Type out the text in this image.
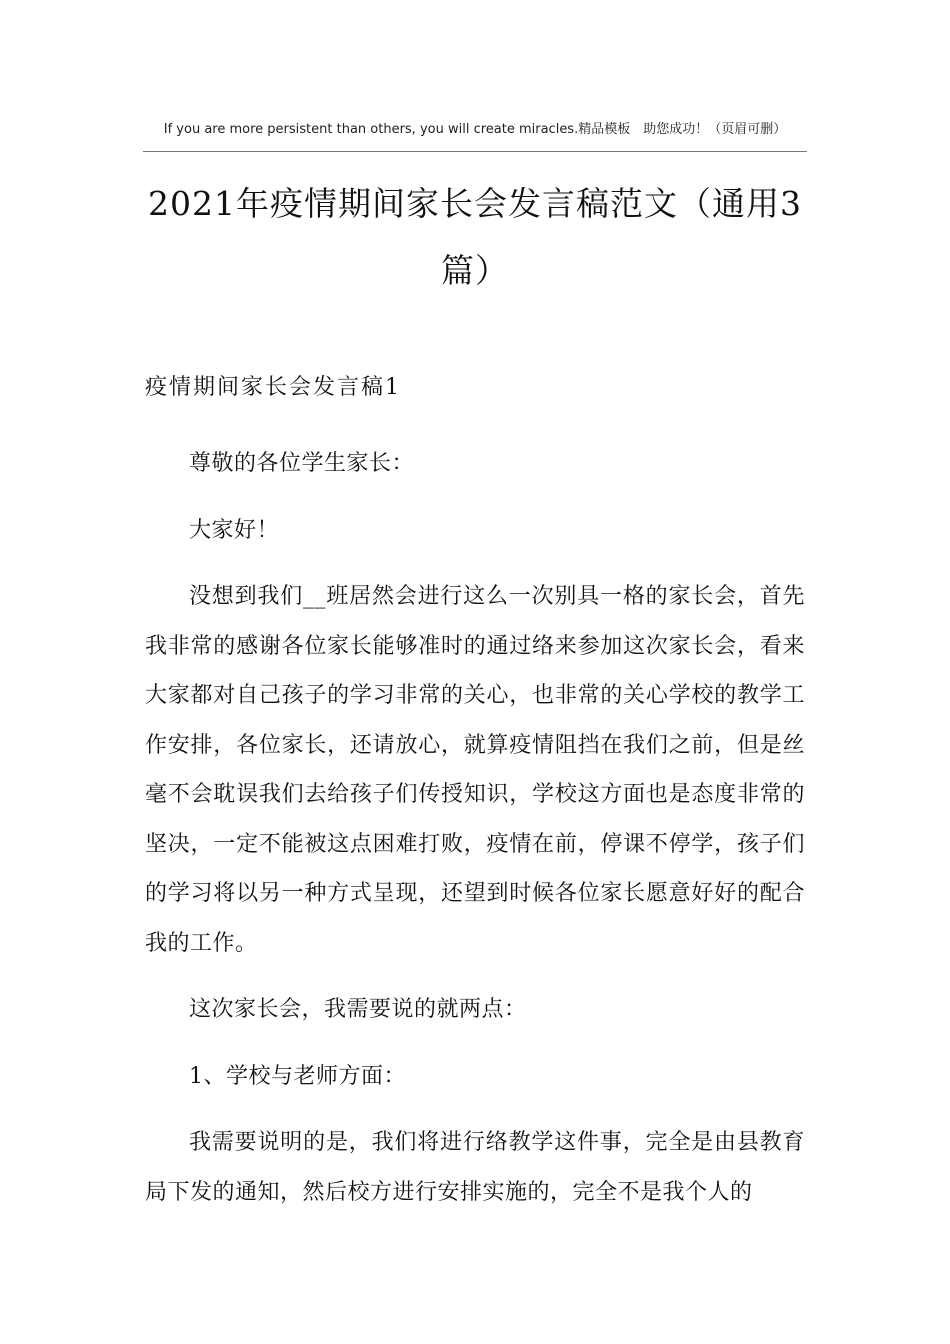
If you are more persistent than others, you will create miracles.精品模板　助您成功！（页眉可删）
2021年疫情期间家长会发言稿范文（通用3篇）
疫情期间家长会发言稿1

尊敬的各位学生家长：

大家好！

没想到我们__班居然会进行这么一次别具一格的家长会，首先我非常的感谢各位家长能够准时的通过络来参加这次家长会，看来大家都对自己孩子的学习非常的关心，也非常的关心学校的教学工作安排，各位家长，还请放心，就算疫情阻挡在我们之前，但是丝毫不会耽误我们去给孩子们传授知识，学校这方面也是态度非常的坚决，一定不能被这点困难打败，疫情在前，停课不停学，孩子们的学习将以另一种方式呈现，还望到时候各位家长愿意好好的配合我的工作。

这次家长会，我需要说的就两点：

1、学校与老师方面：

我需要说明的是，我们将进行络教学这件事，完全是由县教育局下发的通知，然后校方进行安排实施的，完全不是我个人的
